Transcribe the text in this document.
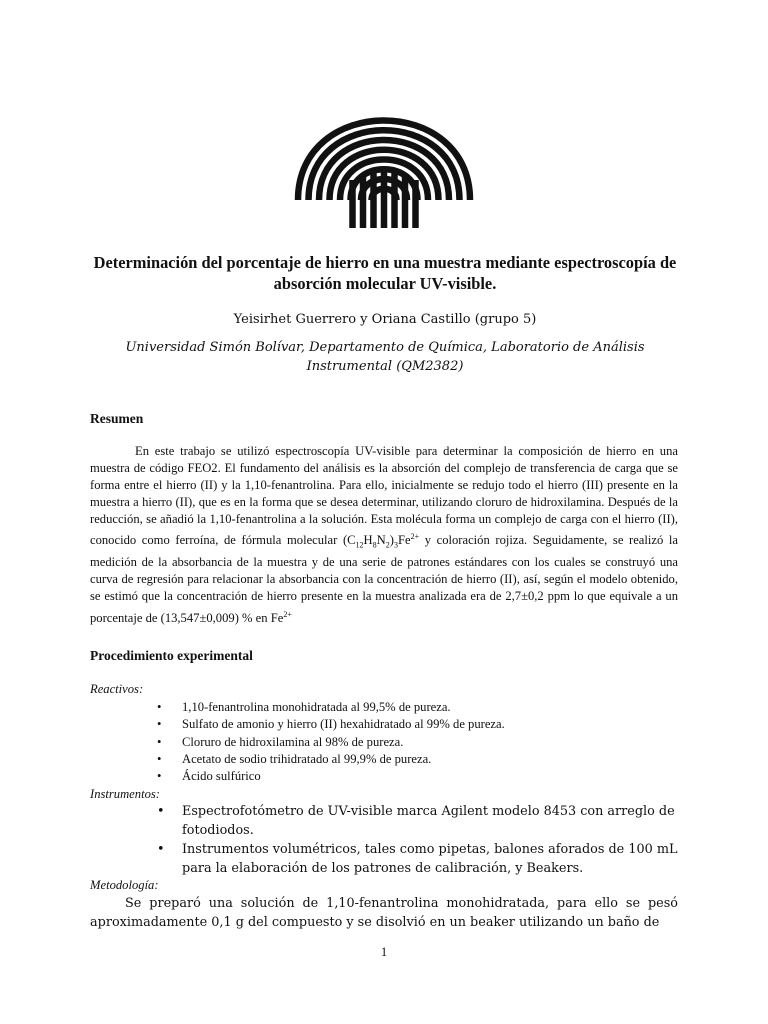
Determinación del porcentaje de hierro en una muestra mediante espectroscopía de absorción molecular UV-visible.
Yeisirhet Guerrero y Oriana Castillo (grupo 5)
Universidad Simón Bolívar, Departamento de Química, Laboratorio de Análisis Instrumental (QM2382)
Resumen
En este trabajo se utilizó espectroscopía UV-visible para determinar la composición de hierro en una muestra de código FEO2. El fundamento del análisis es la absorción del complejo de transferencia de carga que se forma entre el hierro (II) y la 1,10-fenantrolina. Para ello, inicialmente se redujo todo el hierro (III) presente en la muestra a hierro (II), que es en la forma que se desea determinar, utilizando cloruro de hidroxilamina. Después de la reducción, se añadió la 1,10-fenantrolina a la solución. Esta molécula forma un complejo de carga con el hierro (II), conocido como ferroína, de fórmula molecular $(C_{12}H_8N_2)_3Fe^{2+}$ y coloración rojiza. Seguidamente, se realizó la medición de la absorbancia de la muestra y de una serie de patrones estándares con los cuales se construyó una curva de regresión para relacionar la absorbancia con la concentración de hierro (II), así, según el modelo obtenido, se estimó que la concentración de hierro presente en la muestra analizada era de 2,7±0,2 ppm lo que equivale a un porcentaje de (13,547±0,009) % en $Fe^{2+}$
Procedimiento experimental
Reactivos:
• 1,10-fenantrolina monohidratada al 99,5% de pureza.
• Sulfato de amonio y hierro (II) hexahidratado al 99% de pureza.
• Cloruro de hidroxilamina al 98% de pureza.
• Acetato de sodio trihidratado al 99,9% de pureza.
• Ácido sulfúrico
Instrumentos:
• Espectrofotómetro de UV-visible marca Agilent modelo 8453 con arreglo de fotodiodos.
• Instrumentos volumétricos, tales como pipetas, balones aforados de 100 mL para la elaboración de los patrones de calibración, y Beakers.
Metodología:
Se preparó una solución de 1,10-fenantrolina monohidratada, para ello se pesó aproximadamente 0,1 g del compuesto y se disolvió en un beaker utilizando un baño de
1
